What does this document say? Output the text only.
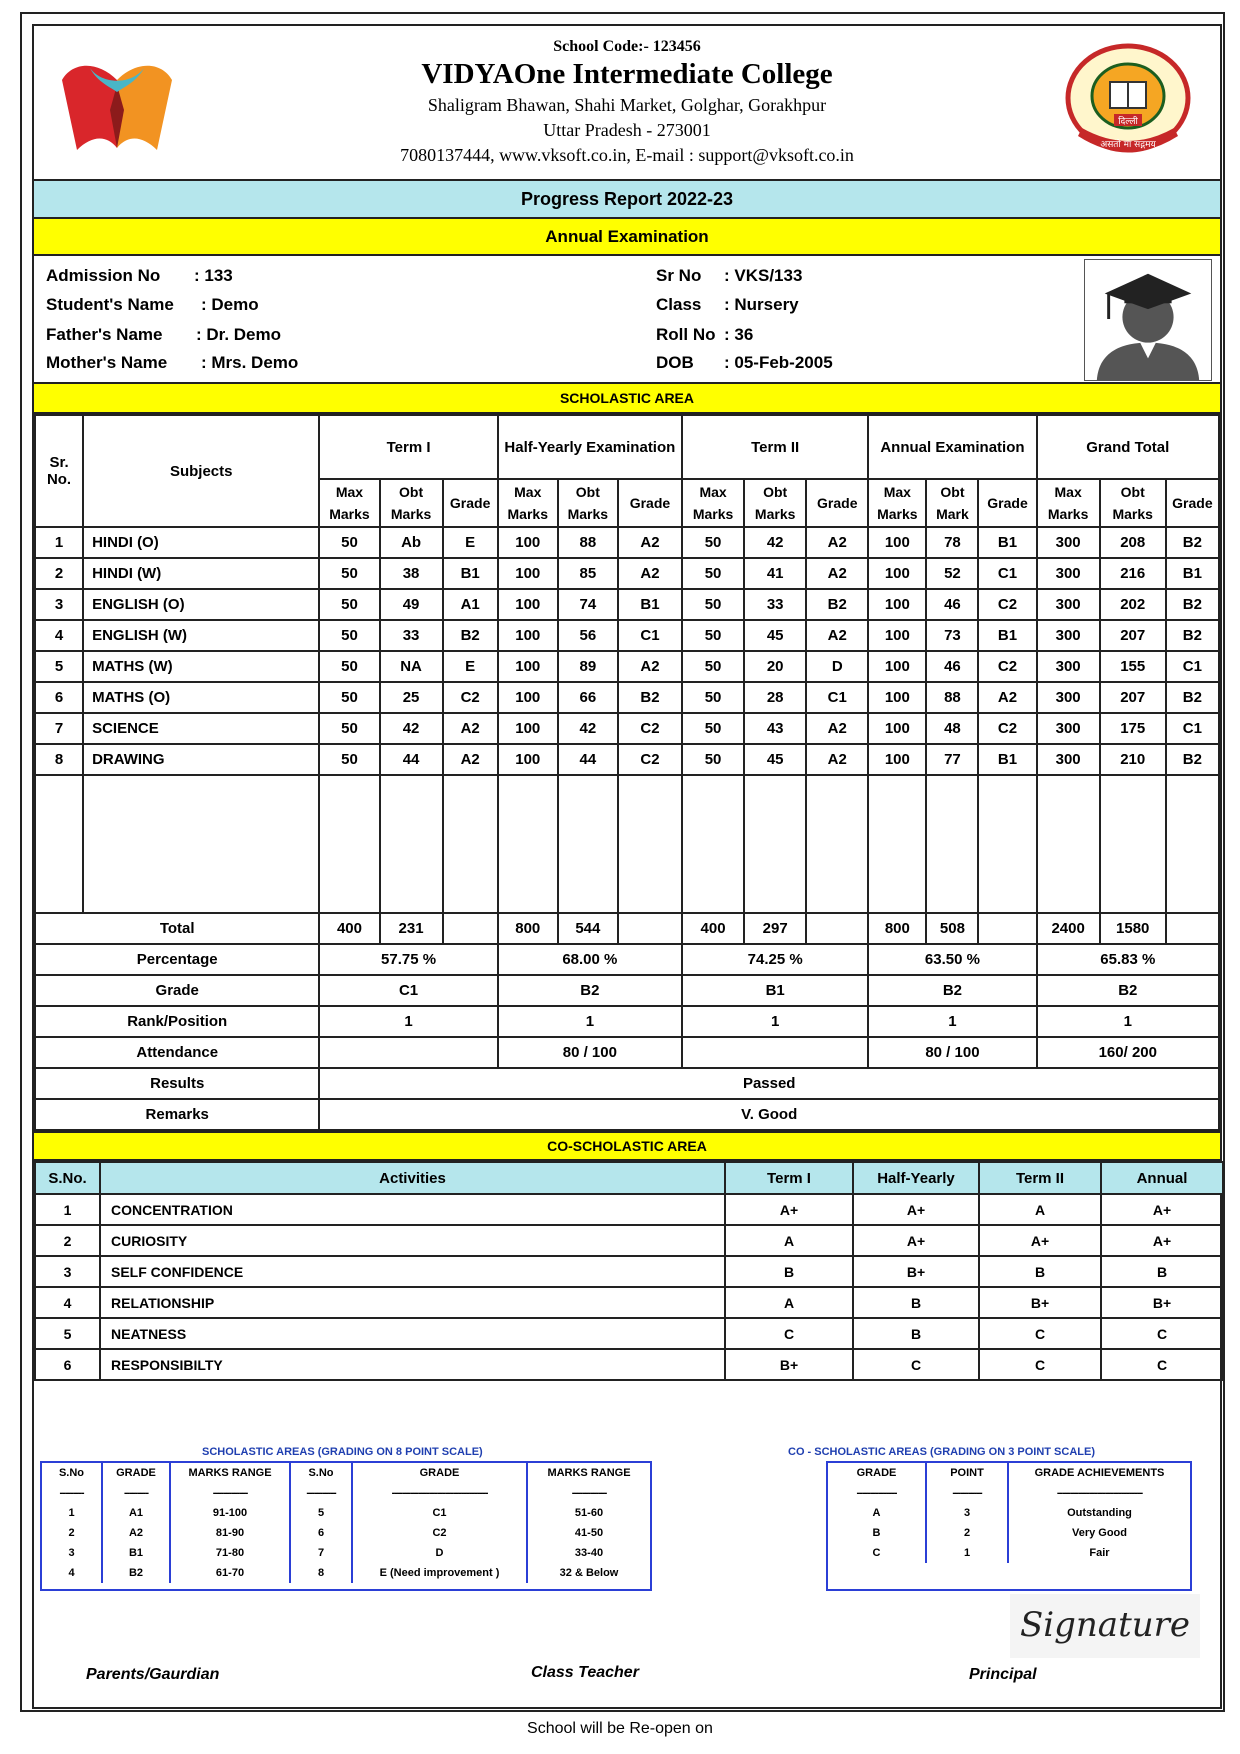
School Code:- 123456
VIDYAOne Intermediate College
Shaligram Bhawan, Shahi Market, Golghar, Gorakhpur
Uttar Pradesh - 273001
7080137444, www.vksoft.co.in, E-mail : support@vksoft.co.in	असतो मा सद्गमय
दिल्ली
Progress Report 2022-23
Annual Examination
Admission No	: 133
Student's Name	: Demo
Father's Name	: Dr. Demo
Mother's Name	: Mrs. Demo
Sr No	: VKS/133
Class	: Nursery
Roll No : 36
DOB	: 05-Feb-2005
SCHOLASTIC AREA
Sr. No.	Subjects	Term I			Half-Yearly Examination			Term II			Annual Examination			Grand Total		
		Max Marks	Obt Marks	Grade	Max Marks	Obt Marks	Grade	Max Marks	Obt Marks	Grade	Max Marks	Obt Mark	Grade	Max Marks	Obt Marks	Grade
1	HINDI (O)	50	Ab	E	100	88	A2	50	42	A2	100	78	B1	300	208	B2
2	HINDI (W)	50	38	B1	100	85	A2	50	41	A2	100	52	C1	300	216	B1
3	ENGLISH (O)	50	49	A1	100	74	B1	50	33	B2	100	46	C2	300	202	B2
4	ENGLISH (W)	50	33	B2	100	56	C1	50	45	A2	100	73	B1	300	207	B2
5	MATHS (W)	50	NA	E	100	89	A2	50	20	D	100	46	C2	300	155	C1
6	MATHS (O)	50	25	C2	100	66	B2	50	28	C1	100	88	A2	300	207	B2
7	SCIENCE	50	42	A2	100	42	C2	50	43	A2	100	48	C2	300	175	C1
8	DRAWING	50	44	A2	100	44	C2	50	45	A2	100	77	B1	300	210	B2

Total		400	231		800	544		400	297		800	508		2400	1580	
Percentage		57.75 %			68.00 %			74.25 %			63.50 %			65.83 %		
Grade		C1			B2			B1			B2			B2		
Rank/Position		1			1			1			1			1		
Attendance					80 / 100						80 / 100			160/ 200		
Results		Passed														
Remarks		V. Good														
CO-SCHOLASTIC AREA
S.No.	Activities	Term I	Half-Yearly	Term II	Annual
1	CONCENTRATION	A+	A+	A	A+
2	CURIOSITY	A	A+	A+	A+
3	SELF CONFIDENCE	B	B+	B	B
4	RELATIONSHIP	A	B	B+	B+
5	NEATNESS	C	B	C	C
6	RESPONSIBILTY	B+	C	C	C
SCHOLASTIC AREAS (GRADING ON 8 POINT SCALE)
S.No	GRADE	MARKS RANGE	S.No	GRADE	MARKS RANGE
---------	---------	-------------	-----------	------------------------------------	-------------
1	A1	91-100	5	C1	51-60
2	A2	81-90	6	C2	41-50
3	B1	71-80	7	D	33-40
4	B2	61-70	8	E (Need improvement )	32 & Below
CO - SCHOLASTIC AREAS (GRADING ON 3 POINT SCALE)
GRADE	POINT	GRADE ACHIEVEMENTS
---------------	-----------	--------------------------------
A	3	Outstanding
B	2	Very Good
C	1	Fair
Signature
Parents/Gaurdian	Class Teacher	Principal
School will be Re-open on
